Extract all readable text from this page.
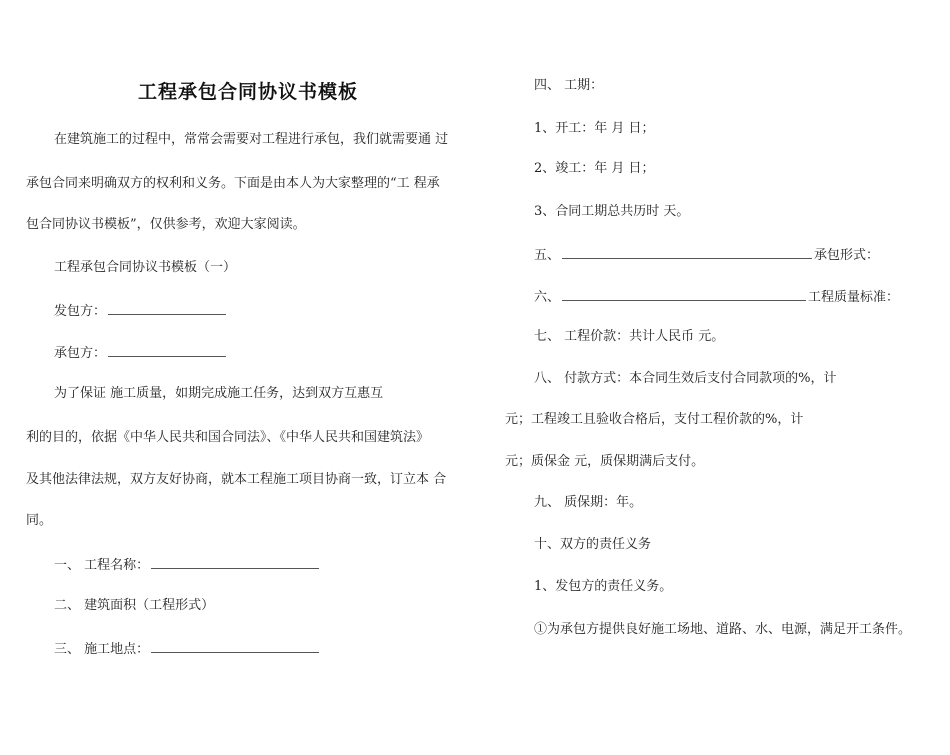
工程承包合同协议书模板
在建筑施工的过程中，常常会需要对工程进行承包，我们就需要通 过
承包合同来明确双方的权利和义务。下面是由本人为大家整理的“工 程承
包合同协议书模板”，仅供参考，欢迎大家阅读。
工程承包合同协议书模板（一）
发包方：
承包方：
为了保证 施工质量，如期完成施工任务，达到双方互惠互
利的目的，依据《中华人民共和国合同法》、《中华人民共和国建筑法》
及其他法律法规，双方友好协商，就本工程施工项目协商一致，订立本 合
同。
一、 工程名称：
二、 建筑面积（工程形式）
三、 施工地点：
四、 工期：
1、开工：年 月 日；
2、竣工：年 月 日；
3、合同工期总共历时 天。
五、	承包形式：
六、	工程质量标准：
七、 工程价款：共计人民币 元。
八、 付款方式：本合同生效后支付合同款项的%，计
元；工程竣工且验收合格后，支付工程价款的%，计
元；质保金 元，质保期满后支付。
九、 质保期：年。
十、双方的责任义务
1、发包方的责任义务。
①为承包方提供良好施工场地、道路、水、电源，满足开工条件。
